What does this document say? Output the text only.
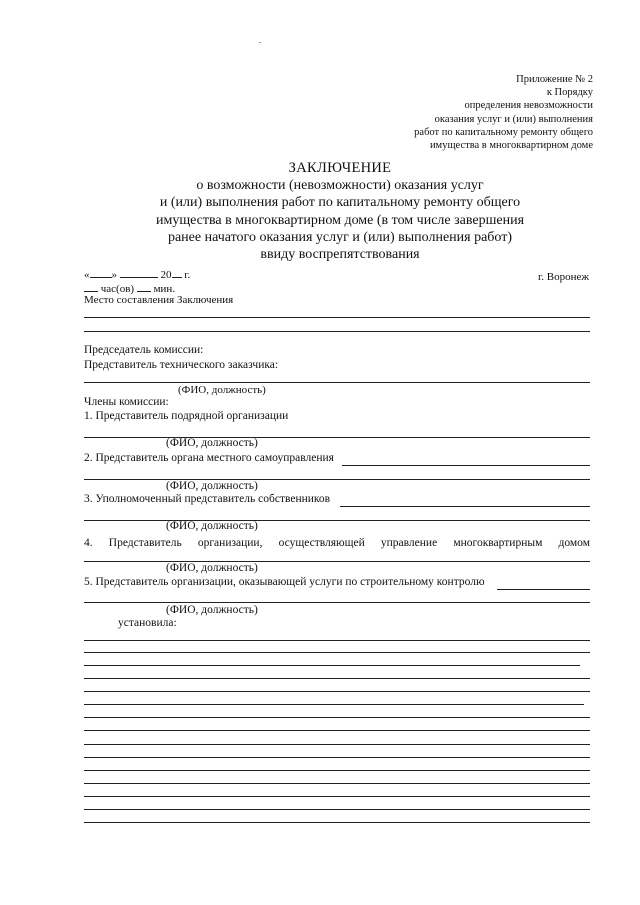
Приложение № 2
к Порядку
определения невозможности
оказания услуг и (или) выполнения
работ по капитальному ремонту общего
имущества в многоквартирном доме
ЗАКЛЮЧЕНИЕ
о возможности (невозможности) оказания услуг
и (или) выполнения работ по капитальному ремонту общего
имущества в многоквартирном доме (в том числе завершения
ранее начатого оказания услуг и (или) выполнения работ)
ввиду воспрепятствования
« »	20 г.	г. Воронеж
час(ов) мин.
Место составления Заключения
Председатель комиссии:
Представитель технического заказчика:
(ФИО, должность)
Члены комиссии:
1. Представитель подрядной организации
(ФИО, должность)
2. Представитель органа местного самоуправления
(ФИО, должность)
3. Уполномоченный представитель собственников
(ФИО, должность)
4. Представитель организации, осуществляющей управление многоквартирным домом
(ФИО, должность)
5. Представитель организации, оказывающей услуги по строительному контролю
(ФИО, должность)
установила:
